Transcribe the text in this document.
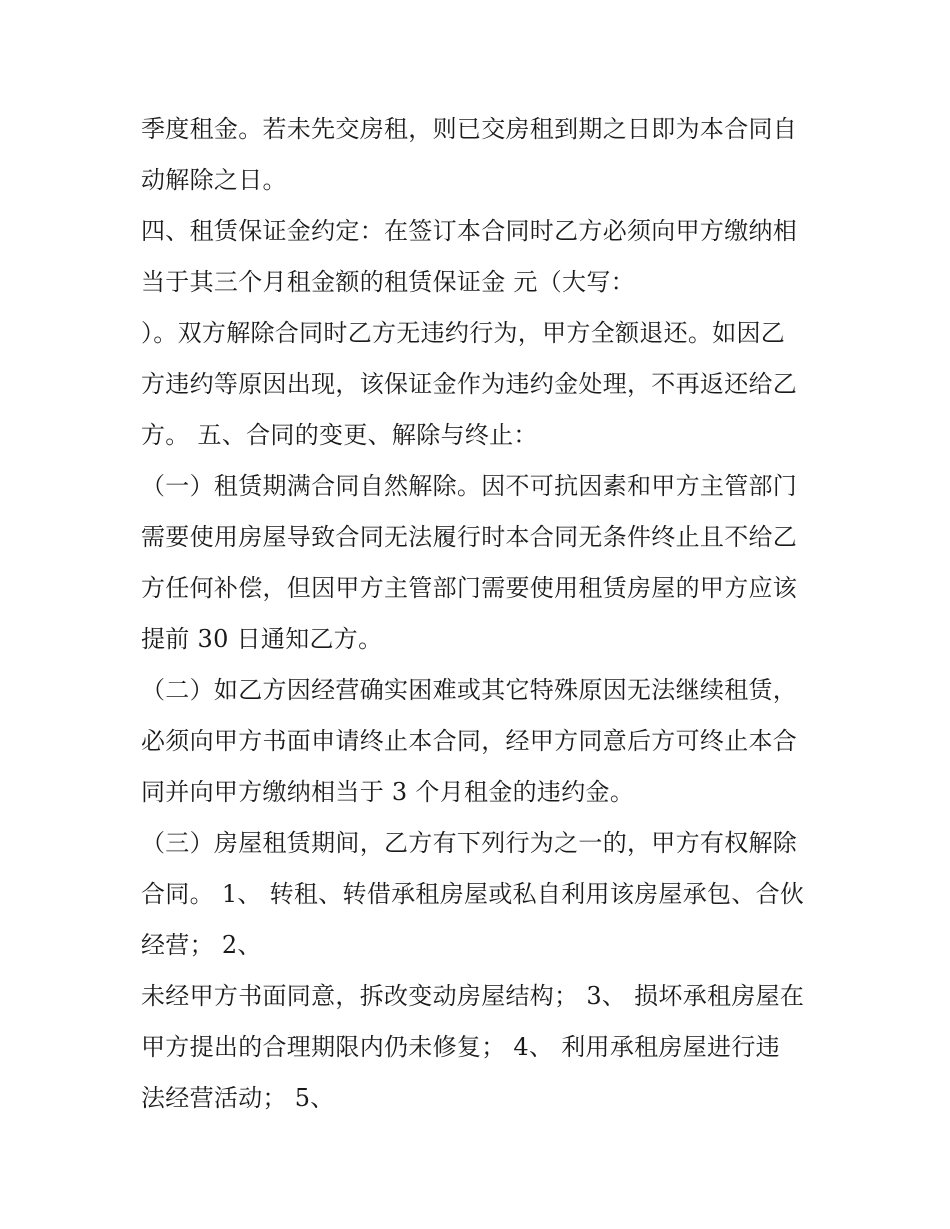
季度租金。若未先交房租，则已交房租到期之日即为本合同自
动解除之日。
四、租赁保证金约定：在签订本合同时乙方必须向甲方缴纳相
当于其三个月租金额的租赁保证金 元（大写：
）。双方解除合同时乙方无违约行为，甲方全额退还。如因乙
方违约等原因出现，该保证金作为违约金处理，不再返还给乙
方。 五、合同的变更、解除与终止：
（一）租赁期满合同自然解除。因不可抗因素和甲方主管部门
需要使用房屋导致合同无法履行时本合同无条件终止且不给乙
方任何补偿，但因甲方主管部门需要使用租赁房屋的甲方应该
提前 30 日通知乙方。
（二）如乙方因经营确实困难或其它特殊原因无法继续租赁，
必须向甲方书面申请终止本合同，经甲方同意后方可终止本合
同并向甲方缴纳相当于 3 个月租金的违约金。
（三）房屋租赁期间，乙方有下列行为之一的，甲方有权解除
合同。 1、 转租、转借承租房屋或私自利用该房屋承包、合伙
经营； 2、
未经甲方书面同意，拆改变动房屋结构； 3、 损坏承租房屋在
甲方提出的合理期限内仍未修复； 4、 利用承租房屋进行违
法经营活动； 5、
